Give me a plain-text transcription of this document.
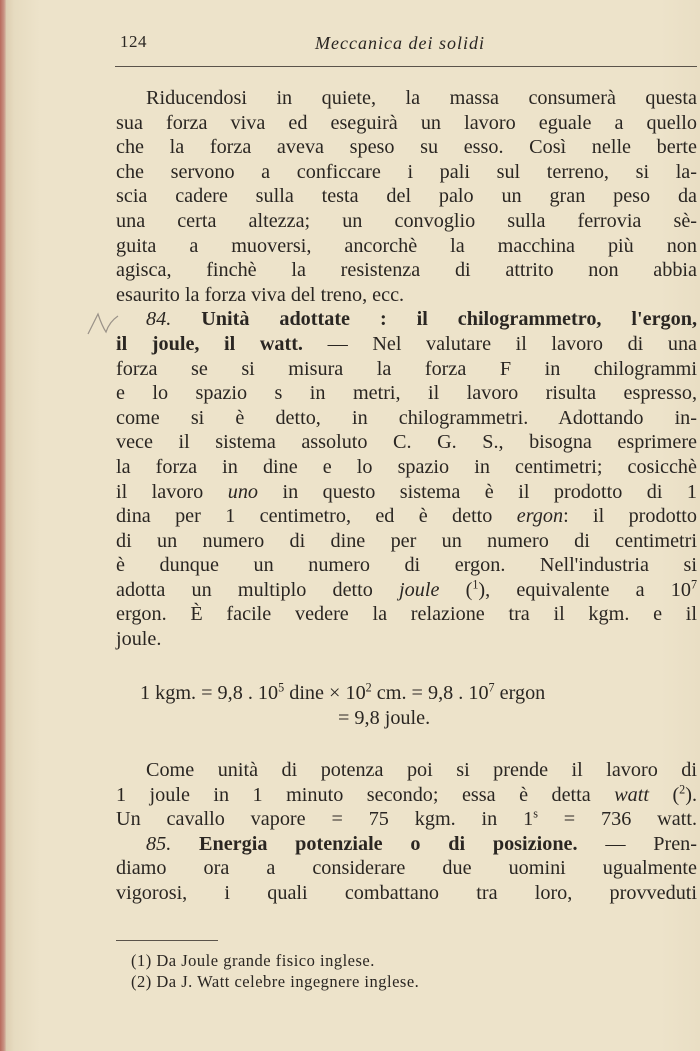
124	Meccanica dei solidi
Riducendosi in quiete, la massa consumerà questa
sua forza viva ed eseguirà un lavoro eguale a quello
che la forza aveva speso su esso. Così nelle berte
che servono a conficcare i pali sul terreno, si la-
scia cadere sulla testa del palo un gran peso da
una certa altezza; un convoglio sulla ferrovia sè-
guita a muoversi, ancorchè la macchina più non
agisca, finchè la resistenza di attrito non abbia
esaurito la forza viva del treno, ecc.
84. Unità adottate : il chilogrammetro, l'ergon,
il joule, il watt. — Nel valutare il lavoro di una
forza se si misura la forza F in chilogrammi
e lo spazio s in metri, il lavoro risulta espresso,
come si è detto, in chilogrammetri. Adottando in-
vece il sistema assoluto C. G. S., bisogna esprimere
la forza in dine e lo spazio in centimetri; cosicchè
il lavoro uno in questo sistema è il prodotto di 1
dina per 1 centimetro, ed è detto ergon: il prodotto
di un numero di dine per un numero di centimetri
è dunque un numero di ergon. Nell'industria si
adotta un multiplo detto joule ($^1$), equivalente a $10^7$
ergon. È facile vedere la relazione tra il kgm. e il
joule.
1 kgm. = 9,8 . $10^5$ dine × $10^2$ cm. = 9,8 . $10^7$ ergon
= 9,8 joule.
Come unità di potenza poi si prende il lavoro di
1 joule in 1 minuto secondo; essa è detta watt ($^2$).
Un cavallo vapore = 75 kgm. in $1^s = 736$ watt.
85. Energia potenziale o di posizione. — Pren-
diamo ora a considerare due uomini ugualmente
vigorosi, i quali combattano tra loro, provveduti
(1) Da Joule grande fisico inglese.
(2) Da J. Watt celebre ingegnere inglese.
